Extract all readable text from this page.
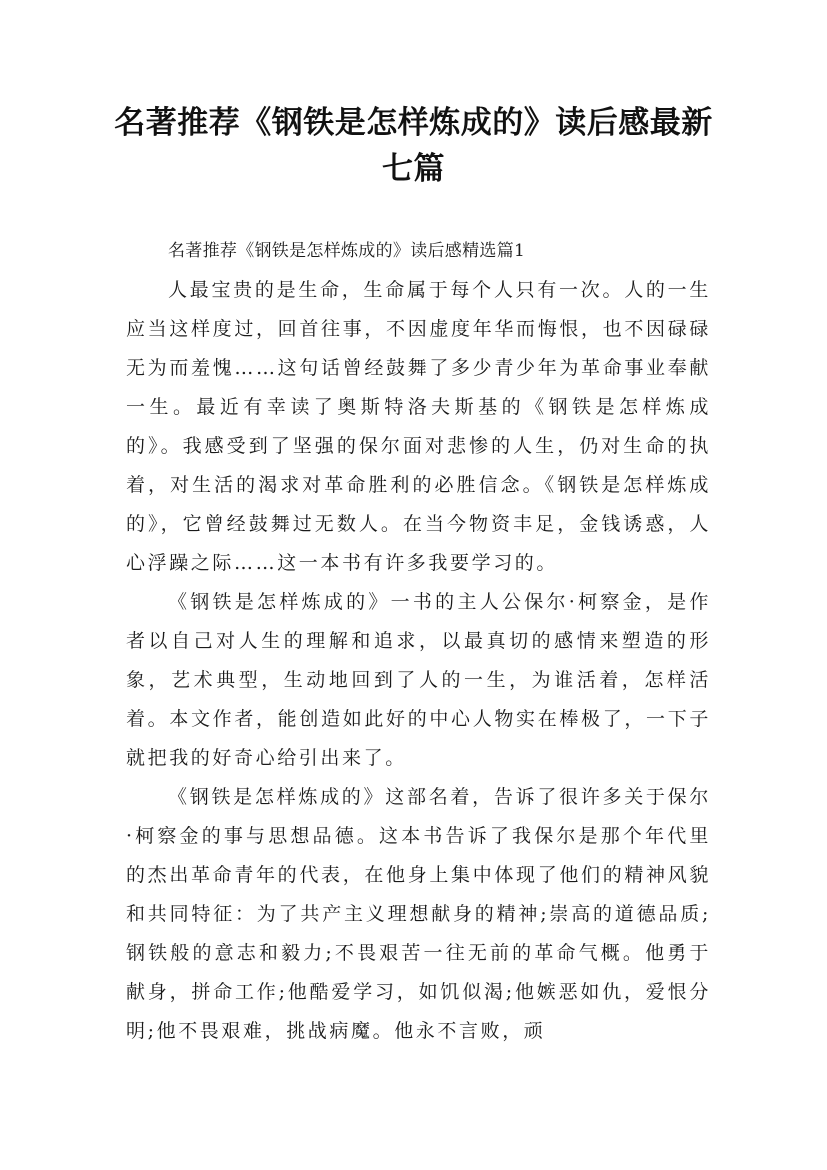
名著推荐《钢铁是怎样炼成的》读后感最新七篇

名著推荐《钢铁是怎样炼成的》读后感精选篇1

人最宝贵的是生命，生命属于每个人只有一次。人的一生应当这样度过，回首往事，不因虚度年华而悔恨，也不因碌碌无为而羞愧……这句话曾经鼓舞了多少青少年为革命事业奉献一生。最近有幸读了奥斯特洛夫斯基的《钢铁是怎样炼成的》。我感受到了坚强的保尔面对悲惨的人生，仍对生命的执着，对生活的渴求对革命胜利的必胜信念。《钢铁是怎样炼成的》，它曾经鼓舞过无数人。在当今物资丰足，金钱诱惑，人心浮躁之际……这一本书有许多我要学习的。

《钢铁是怎样炼成的》一书的主人公保尔·柯察金，是作者以自己对人生的理解和追求，以最真切的感情来塑造的形象，艺术典型，生动地回到了人的一生，为谁活着，怎样活着。本文作者，能创造如此好的中心人物实在棒极了，一下子就把我的好奇心给引出来了。

《钢铁是怎样炼成的》这部名着，告诉了很许多关于保尔·柯察金的事与思想品德。这本书告诉了我保尔是那个年代里的杰出革命青年的代表，在他身上集中体现了他们的精神风貌和共同特征：为了共产主义理想献身的精神;崇高的道德品质;钢铁般的意志和毅力;不畏艰苦一往无前的革命气概。他勇于献身，拼命工作;他酷爱学习，如饥似渴;他嫉恶如仇，爱恨分明;他不畏艰难，挑战病魔。他永不言败，顽
